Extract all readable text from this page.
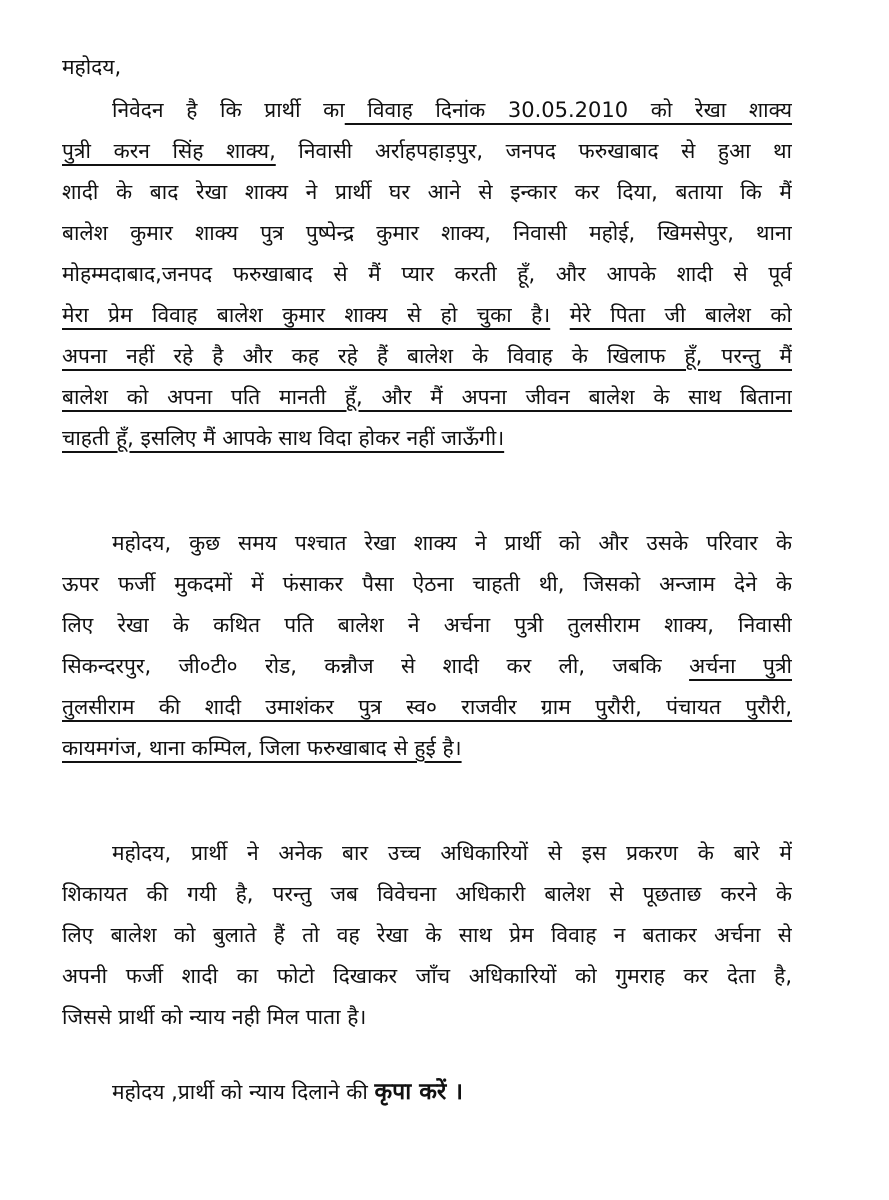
महोदय,
निवेदन है कि प्रार्थी का विवाह दिनांक 30.05.2010 को रेखा शाक्य
पुत्री करन सिंह शाक्य, निवासी अर्राहपहाड़पुर, जनपद फरुखाबाद से हुआ था
शादी के बाद रेखा शाक्य ने प्रार्थी घर आने से इन्कार कर दिया, बताया कि मैं
बालेश कुमार शाक्य पुत्र पुष्पेन्द्र कुमार शाक्य, निवासी महोई, खिमसेपुर, थाना
मोहम्मदाबाद,जनपद फरुखाबाद से मैं प्यार करती हूँ, और आपके शादी से पूर्व
मेरा प्रेम विवाह बालेश कुमार शाक्य से हो चुका है। मेरे पिता जी बालेश को
अपना नहीं रहे है और कह रहे हैं बालेश के विवाह के खिलाफ हूँ, परन्तु मैं
बालेश को अपना पति मानती हूँ, और मैं अपना जीवन बालेश के साथ बिताना
चाहती हूँ, इसलिए मैं आपके साथ विदा होकर नहीं जाऊँगी।
महोदय, कुछ समय पश्चात रेखा शाक्य ने प्रार्थी को और उसके परिवार के
ऊपर फर्जी मुकदमों में फंसाकर पैसा ऐठना चाहती थी, जिसको अन्जाम देने के
लिए रेखा के कथित पति बालेश ने अर्चना पुत्री तुलसीराम शाक्य, निवासी
सिकन्दरपुर, जी०टी० रोड, कन्नौज से शादी कर ली, जबकि अर्चना पुत्री
तुलसीराम की शादी उमाशंकर पुत्र स्व० राजवीर ग्राम पुरौरी, पंचायत पुरौरी,
कायमगंज, थाना कम्पिल, जिला फरुखाबाद से हुई है।
महोदय, प्रार्थी ने अनेक बार उच्च अधिकारियों से इस प्रकरण के बारे में
शिकायत की गयी है, परन्तु जब विवेचना अधिकारी बालेश से पूछताछ करने के
लिए बालेश को बुलाते हैं तो वह रेखा के साथ प्रेम विवाह न बताकर अर्चना से
अपनी फर्जी शादी का फोटो दिखाकर जाँच अधिकारियों को गुमराह कर देता है,
जिससे प्रार्थी को न्याय नही मिल पाता है।
महोदय ,प्रार्थी को न्याय दिलाने की कृपा करें ।
